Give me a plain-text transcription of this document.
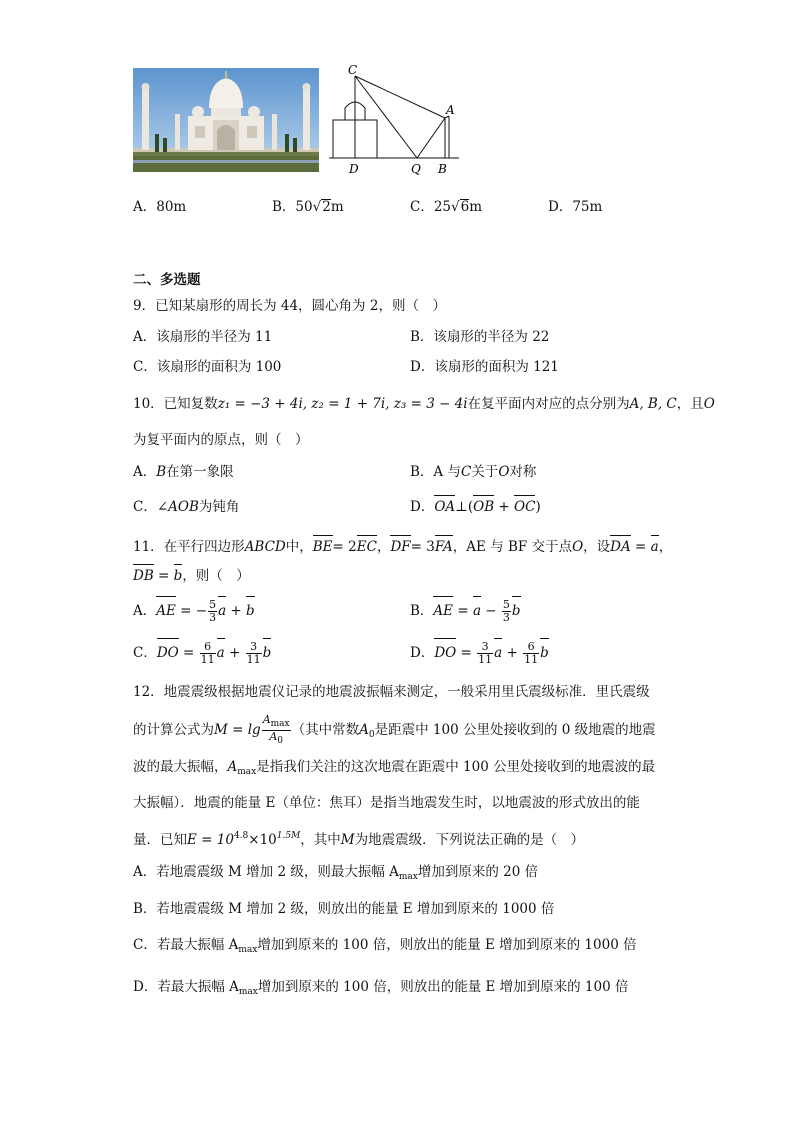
C
A
D	Q B
A．80m	B．50√2m	C．25√6m	D．75m
二、多选题
9．已知某扇形的周长为 44，圆心角为 2，则（　）
A．该扇形的半径为 11	B．该扇形的半径为 22
C．该扇形的面积为 100	D．该扇形的面积为 121
10．已知复数z₁ = −3 + 4i, z₂ = 1 + 7i, z₃ = 3 − 4i在复平面内对应的点分别为A, B, C，且O
为复平面内的原点，则（　）
A．B在第一象限	B．A 与C关于O对称
C．∠AOB为钝角	D．OA⊥(OB + OC)
11．在平行四边形ABCD中，BE= 2EC，DF= 3FA，AE 与 BF 交于点O，设DA = a，
DB = b，则（　）
A．AE = − $\frac{5}{3}$ a + b	B．AE = $a - \frac{5}{3}$ b
C．DO = $\frac{6}{11}$ $a + \frac{3}{11}$ b	D．DO = $\frac{3}{11}$ $a + \frac{6}{11}$ b
12．地震震级根据地震仪记录的地震波振幅来测定，一般采用里氏震级标准．里氏震级
的计算公式为$M = \lg \frac{A_{max}}{A_0}$ （其中常数$A_0$是距震中 100 公里处接收到的 0 级地震的地震
波的最大振幅，$A_{max}$是指我们关注的这次地震在距震中 100 公里处接收到的地震波的最
大振幅）．地震的能量 E（单位：焦耳）是指当地震发生时，以地震波的形式放出的能
量．已知$E = 10^{4.8}\times 10^{1.5M}$，其中M为地震震级．下列说法正确的是（　）
A．若地震震级 M 增加 2 级，则最大振幅 $A_{max}$增加到原来的 20 倍
B．若地震震级 M 增加 2 级，则放出的能量 E 增加到原来的 1000 倍
C．若最大振幅 $A_{max}$增加到原来的 100 倍，则放出的能量 E 增加到原来的 1000 倍
D．若最大振幅 $A_{max}$增加到原来的 100 倍，则放出的能量 E 增加到原来的 100 倍
